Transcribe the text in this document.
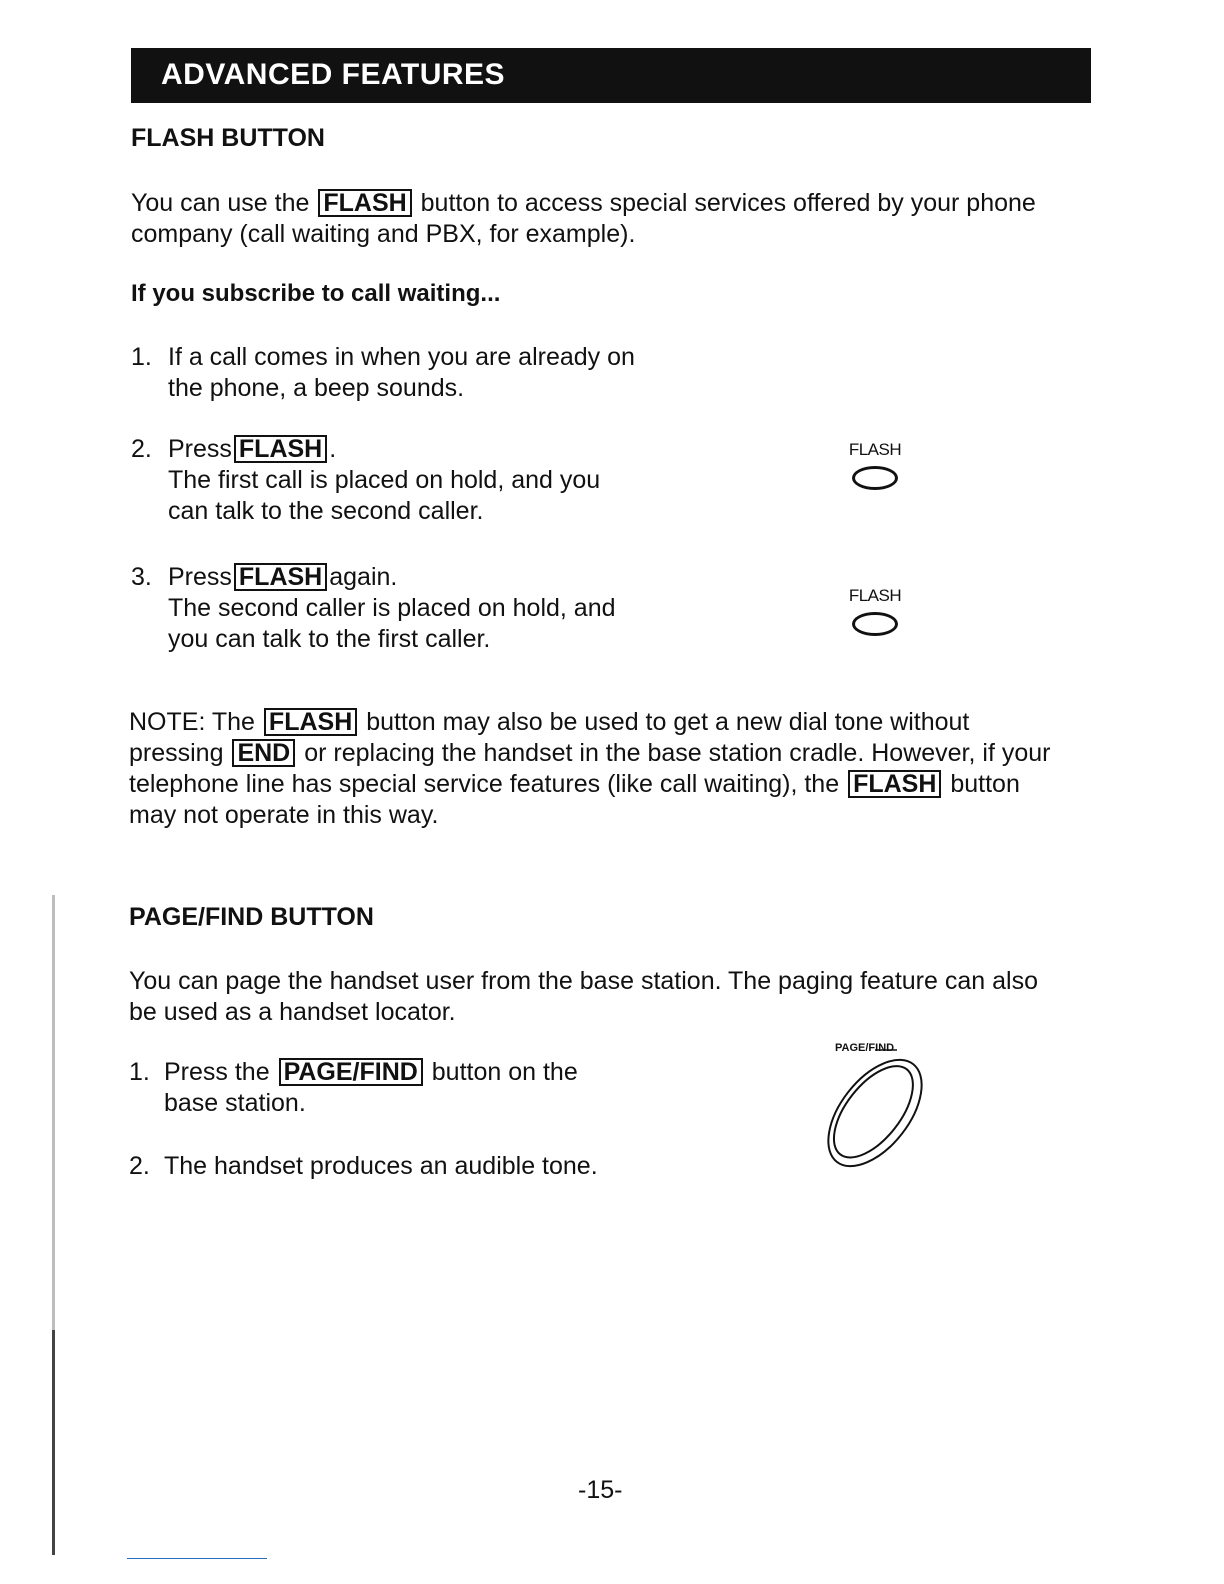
ADVANCED FEATURES
FLASH BUTTON
You can use the FLASH button to access special services offered by your phone company (call waiting and PBX, for example).
If you subscribe to call waiting...
1. If a call comes in when you are already on the phone, a beep sounds.
2. Press FLASH .
The first call is placed on hold, and you can talk to the second caller.
FLASH
3. Press FLASH again.
The second caller is placed on hold, and you can talk to the first caller.
FLASH
NOTE: The FLASH button may also be used to get a new dial tone without pressing END or replacing the handset in the base station cradle. However, if your telephone line has special service features (like call waiting), the FLASH button may not operate in this way.
PAGE/FIND BUTTON
You can page the handset user from the base station. The paging feature can also be used as a handset locator.
1. Press the PAGE/FIND button on the base station.
2. The handset produces an audible tone.
PAGE/FIND
-15-
